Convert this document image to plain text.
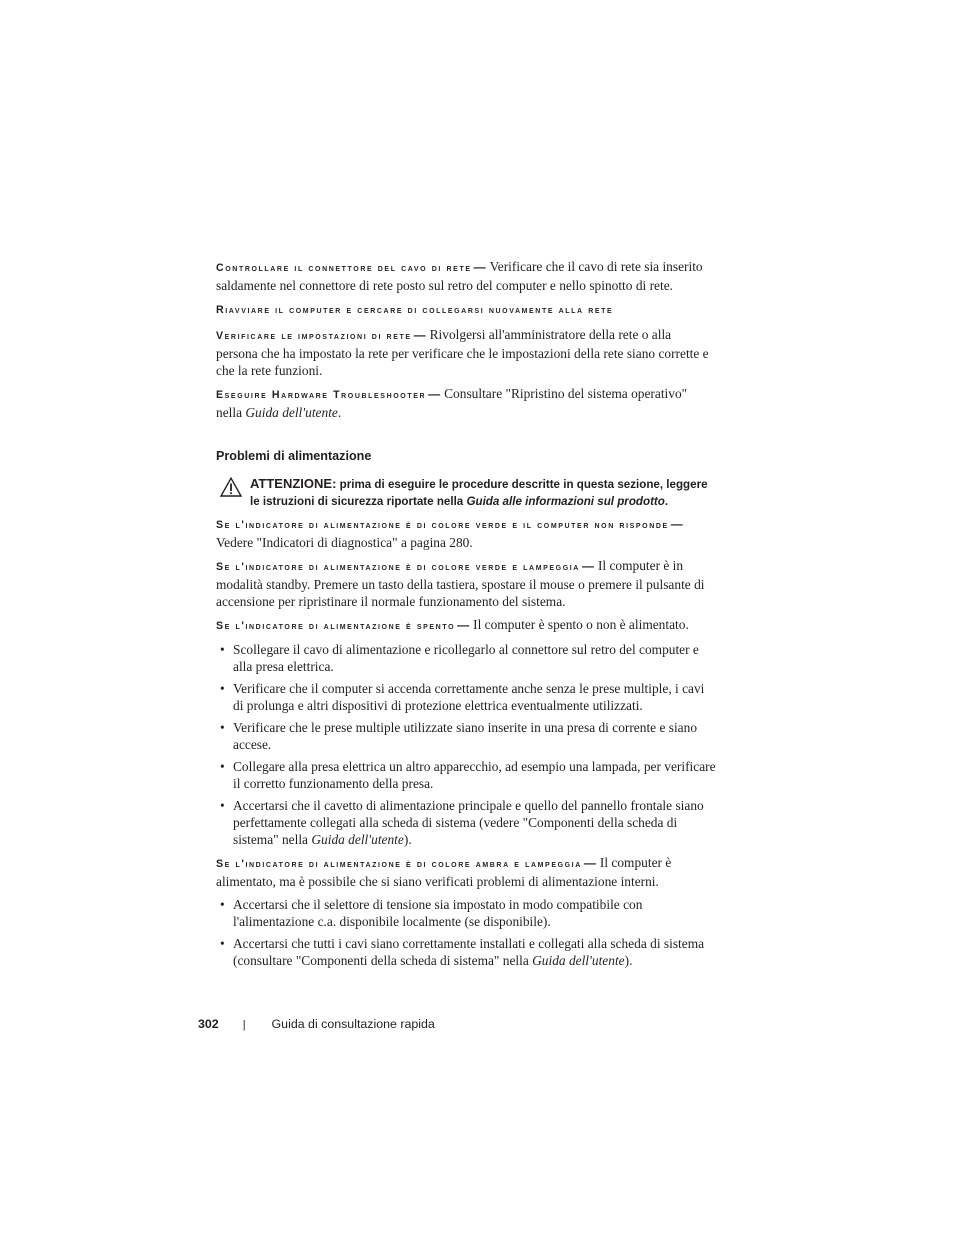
Controllare il connettore del cavo di rete — Verificare che il cavo di rete sia inserito saldamente nel connettore di rete posto sul retro del computer e nello spinotto di rete.

Riavviare il computer e cercare di collegarsi nuovamente alla rete

Verificare le impostazioni di rete — Rivolgersi all'amministratore della rete o alla persona che ha impostato la rete per verificare che le impostazioni della rete siano corrette e che la rete funzioni.

Eseguire Hardware Troubleshooter — Consultare "Ripristino del sistema operativo" nella Guida dell'utente.

Problemi di alimentazione
ATTENZIONE: prima di eseguire le procedure descritte in questa sezione, leggere le istruzioni di sicurezza riportate nella Guida alle informazioni sul prodotto.

Se l'indicatore di alimentazione è di colore verde e il computer non risponde —Vedere "Indicatori di diagnostica" a pagina 280.

Se l'indicatore di alimentazione è di colore verde e lampeggia — Il computer è in modalità standby. Premere un tasto della tastiera, spostare il mouse o premere il pulsante di accensione per ripristinare il normale funzionamento del sistema.

Se l'indicatore di alimentazione è spento — Il computer è spento o non è alimentato.

• Scollegare il cavo di alimentazione e ricollegarlo al connettore sul retro del computer e alla presa elettrica.
• Verificare che il computer si accenda correttamente anche senza le prese multiple, i cavi di prolunga e altri dispositivi di protezione elettrica eventualmente utilizzati.
• Verificare che le prese multiple utilizzate siano inserite in una presa di corrente e siano accese.
• Collegare alla presa elettrica un altro apparecchio, ad esempio una lampada, per verificare il corretto funzionamento della presa.
• Accertarsi che il cavetto di alimentazione principale e quello del pannello frontale siano perfettamente collegati alla scheda di sistema (vedere "Componenti della scheda di sistema" nella Guida dell'utente).

Se l'indicatore di alimentazione è di colore ambra e lampeggia — Il computer è alimentato, ma è possibile che si siano verificati problemi di alimentazione interni.

• Accertarsi che il selettore di tensione sia impostato in modo compatibile con l'alimentazione c.a. disponibile localmente (se disponibile).
• Accertarsi che tutti i cavi siano correttamente installati e collegati alla scheda di sistema (consultare "Componenti della scheda di sistema" nella Guida dell'utente).
302 | Guida di consultazione rapida
